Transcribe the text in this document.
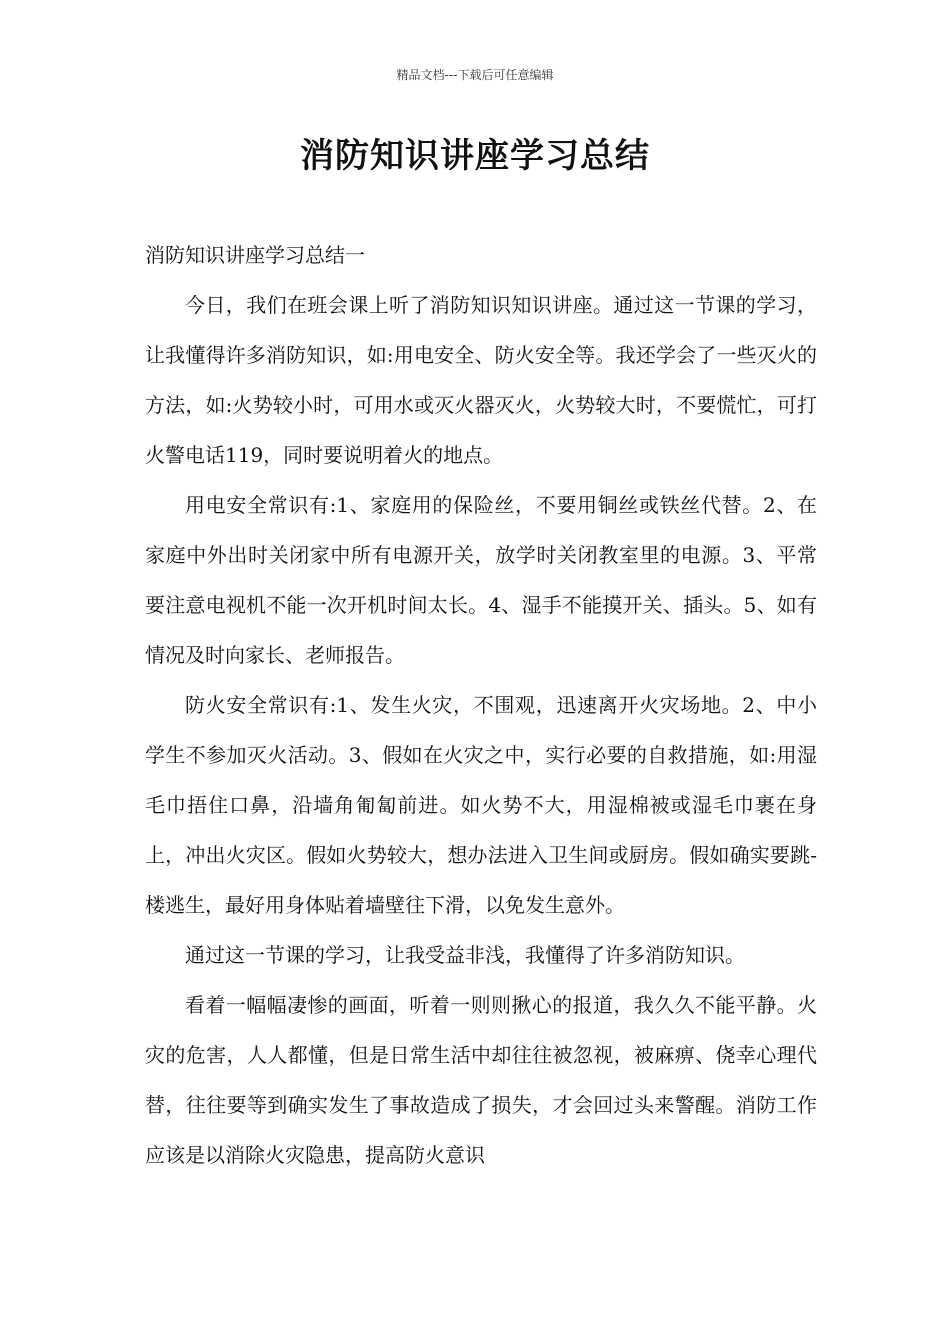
精品文档---下载后可任意编辑
消防知识讲座学习总结

消防知识讲座学习总结一

今日，我们在班会课上听了消防知识知识讲座。通过这一节课的学习，让我懂得许多消防知识，如:用电安全、防火安全等。我还学会了一些灭火的方法，如:火势较小时，可用水或灭火器灭火，火势较大时，不要慌忙，可打火警电话119，同时要说明着火的地点。

用电安全常识有:1、家庭用的保险丝，不要用铜丝或铁丝代替。2、在家庭中外出时关闭家中所有电源开关，放学时关闭教室里的电源。3、平常要注意电视机不能一次开机时间太长。4、湿手不能摸开关、插头。5、如有情况及时向家长、老师报告。

防火安全常识有:1、发生火灾，不围观，迅速离开火灾场地。2、中小学生不参加灭火活动。3、假如在火灾之中，实行必要的自救措施，如:用湿毛巾捂住口鼻，沿墙角匍匐前进。如火势不大，用湿棉被或湿毛巾裹在身上，冲出火灾区。假如火势较大，想办法进入卫生间或厨房。假如确实要跳-楼逃生，最好用身体贴着墙壁往下滑，以免发生意外。

通过这一节课的学习，让我受益非浅，我懂得了许多消防知识。

看着一幅幅凄惨的画面，听着一则则揪心的报道，我久久不能平静。火灾的危害，人人都懂，但是日常生活中却往往被忽视，被麻痹、侥幸心理代替，往往要等到确实发生了事故造成了损失，才会回过头来警醒。消防工作应该是以消除火灾隐患，提高防火意识
